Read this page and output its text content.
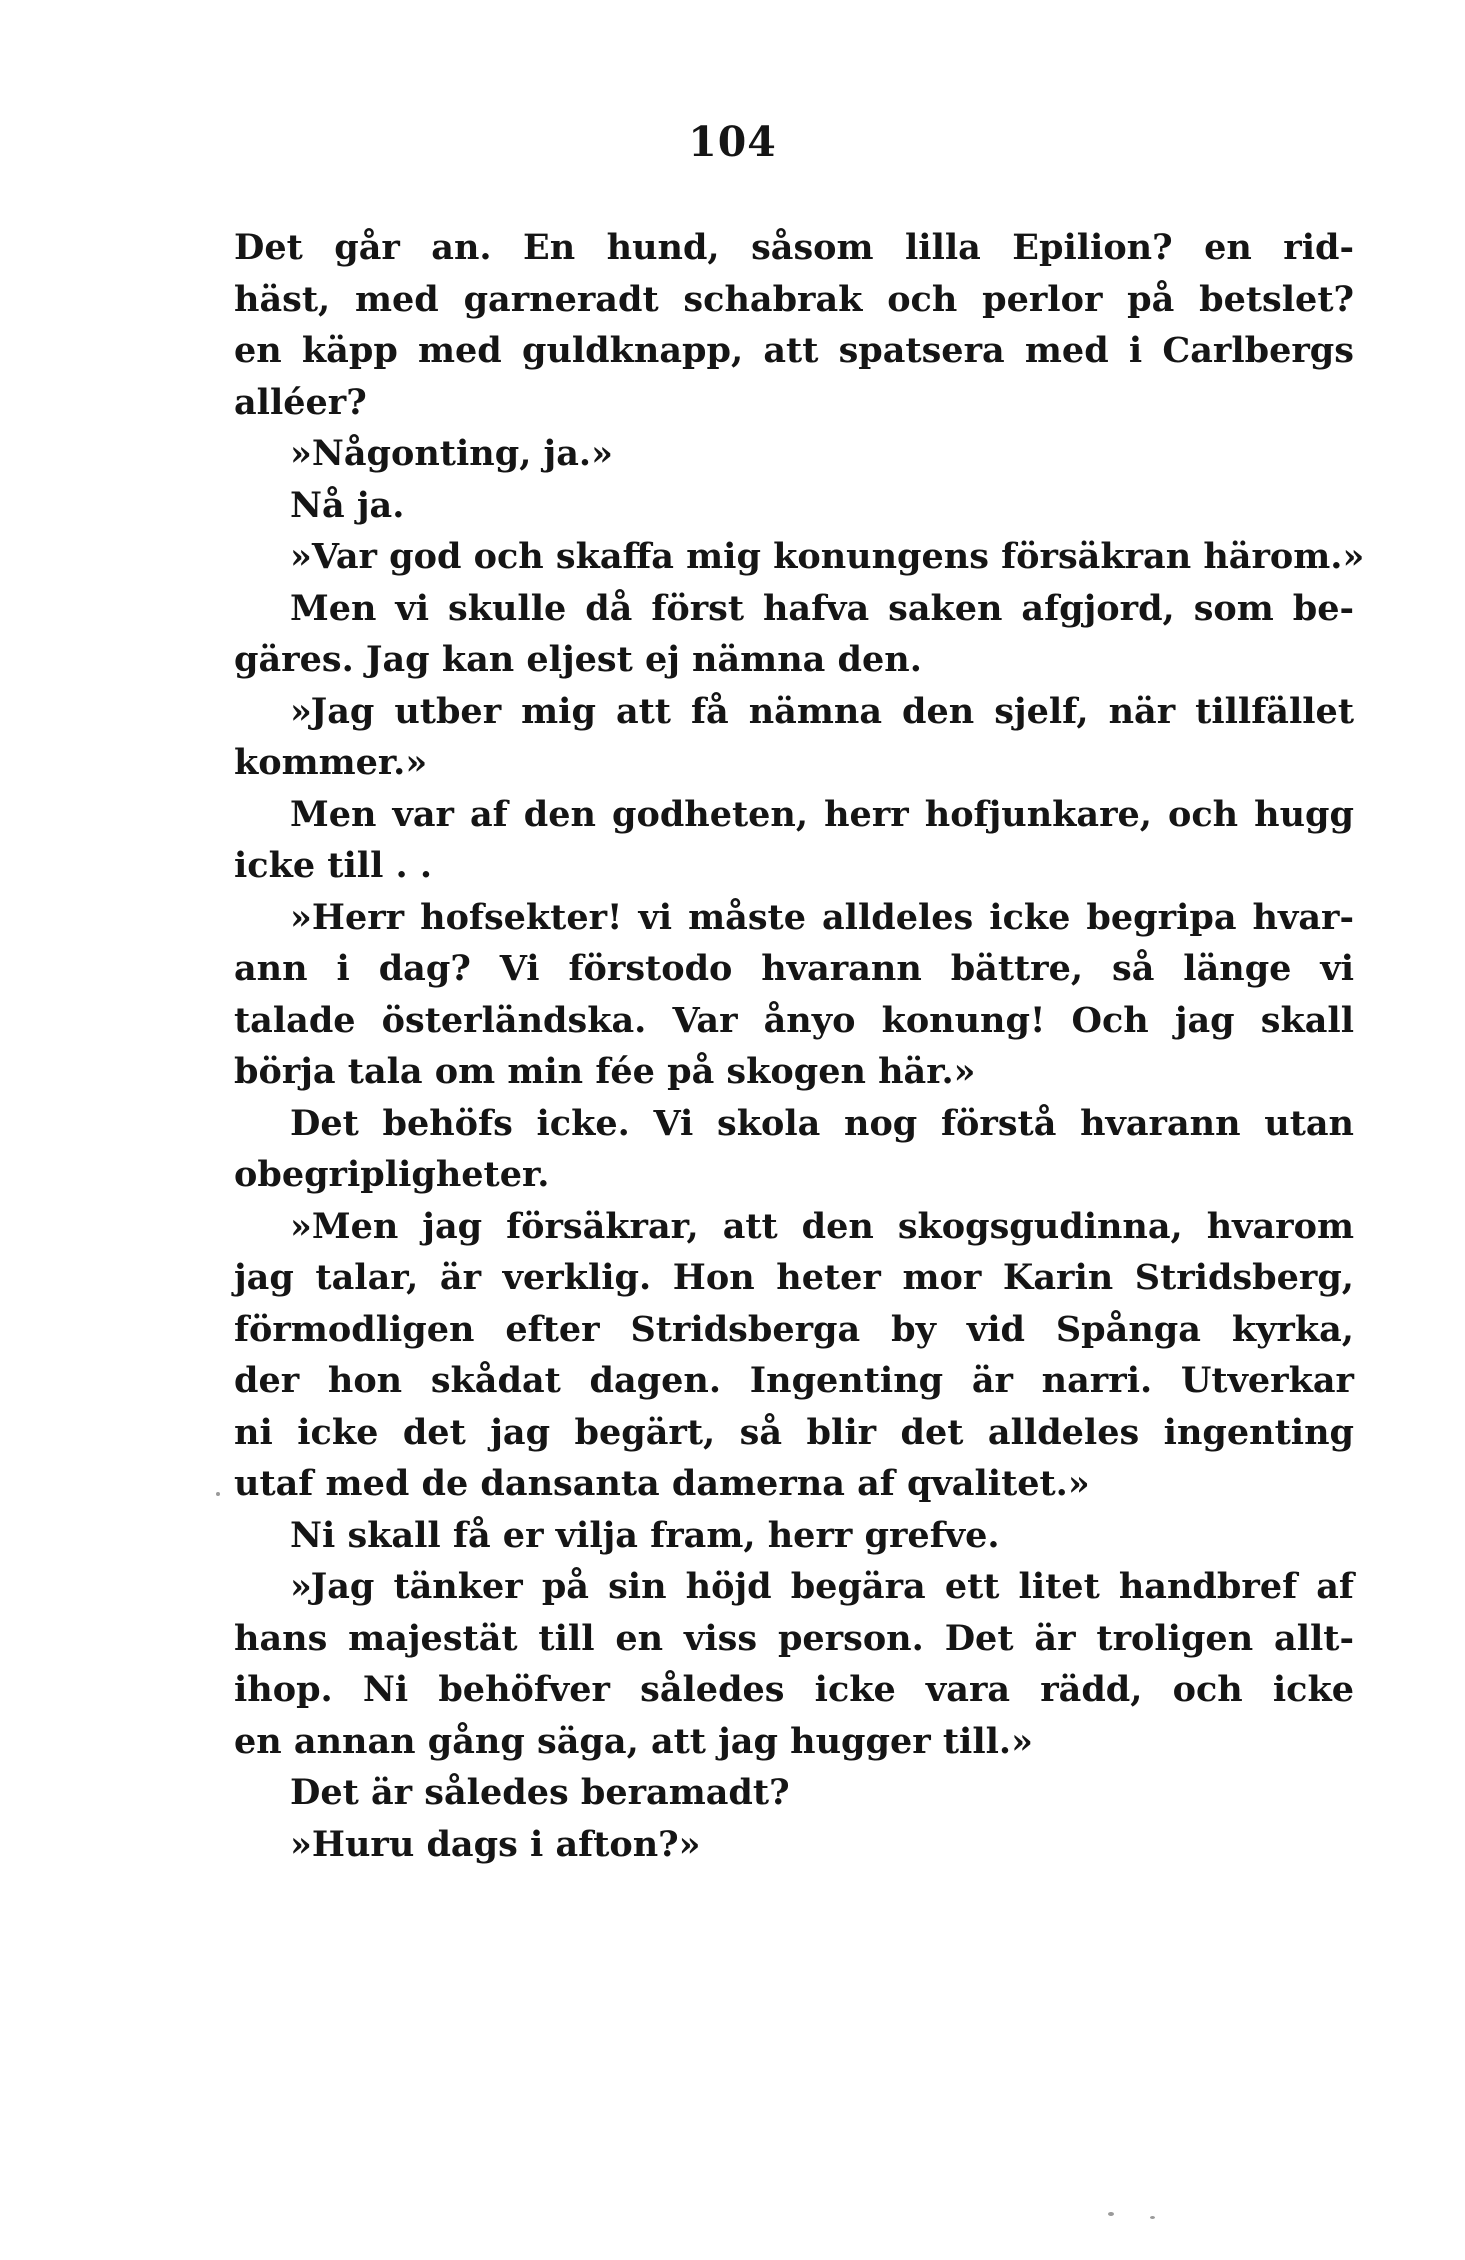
104
Det går an. En hund, såsom lilla Epilion? en rid-
häst, med garneradt schabrak och perlor på betslet?
en käpp med guldknapp, att spatsera med i Carlbergs
alléer?
»Någonting, ja.»
Nå ja.
»Var god och skaffa mig konungens försäkran härom.»
Men vi skulle då först hafva saken afgjord, som be-
gäres. Jag kan eljest ej nämna den.
»Jag utber mig att få nämna den sjelf, när tillfället
kommer.»
Men var af den godheten, herr hofjunkare, och hugg
icke till . .
»Herr hofsekter! vi måste alldeles icke begripa hvar-
ann i dag? Vi förstodo hvarann bättre, så länge vi
talade österländska. Var ånyo konung! Och jag skall
börja tala om min fée på skogen här.»
Det behöfs icke. Vi skola nog förstå hvarann utan
obegripligheter.
»Men jag försäkrar, att den skogsgudinna, hvarom
jag talar, är verklig. Hon heter mor Karin Stridsberg,
förmodligen efter Stridsberga by vid Spånga kyrka,
der hon skådat dagen. Ingenting är narri. Utverkar
ni icke det jag begärt, så blir det alldeles ingenting
utaf med de dansanta damerna af qvalitet.»
Ni skall få er vilja fram, herr grefve.
»Jag tänker på sin höjd begära ett litet handbref af
hans majestät till en viss person. Det är troligen allt-
ihop. Ni behöfver således icke vara rädd, och icke
en annan gång säga, att jag hugger till.»
Det är således beramadt?
»Huru dags i afton?»
